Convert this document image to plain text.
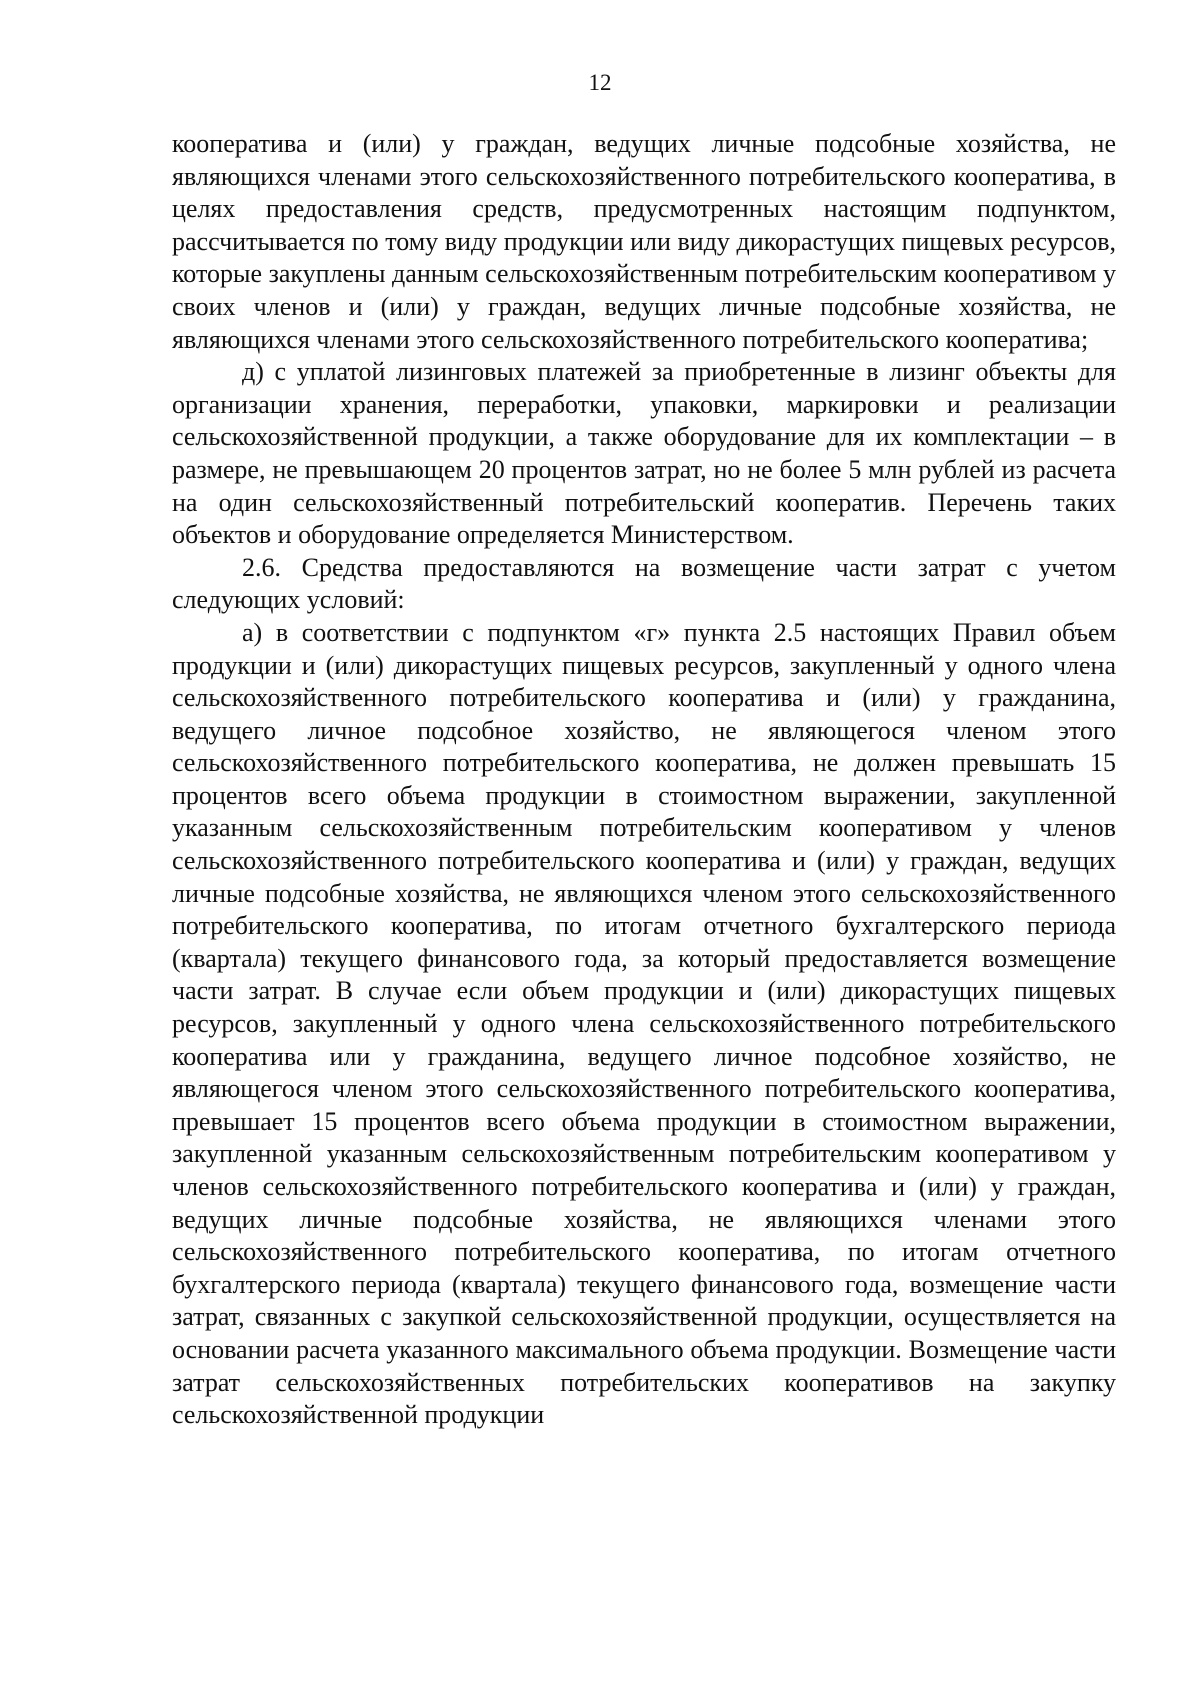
12

кооператива и (или) у граждан, ведущих личные подсобные хозяйства, не являющихся членами этого сельскохозяйственного потребительского кооператива, в целях предоставления средств, предусмотренных настоящим подпунктом, рассчитывается по тому виду продукции или виду дикорастущих пищевых ресурсов, которые закуплены данным сельскохозяйственным потребительским кооперативом у своих членов и (или) у граждан, ведущих личные подсобные хозяйства, не являющихся членами этого сельскохозяйственного потребительского кооператива;

д) с уплатой лизинговых платежей за приобретенные в лизинг объекты для организации хранения, переработки, упаковки, маркировки и реализации сельскохозяйственной продукции, а также оборудование для их комплектации – в размере, не превышающем 20 процентов затрат, но не более 5 млн рублей из расчета на один сельскохозяйственный потребительский кооператив. Перечень таких объектов и оборудование определяется Министерством.

2.6. Средства предоставляются на возмещение части затрат с учетом следующих условий:

а) в соответствии с подпунктом «г» пункта 2.5 настоящих Правил объем продукции и (или) дикорастущих пищевых ресурсов, закупленный у одного члена сельскохозяйственного потребительского кооператива и (или) у гражданина, ведущего личное подсобное хозяйство, не являющегося членом этого сельскохозяйственного потребительского кооператива, не должен превышать 15 процентов всего объема продукции в стоимостном выражении, закупленной указанным сельскохозяйственным потребительским кооперативом у членов сельскохозяйственного потребительского кооператива и (или) у граждан, ведущих личные подсобные хозяйства, не являющихся членом этого сельскохозяйственного потребительского кооператива, по итогам отчетного бухгалтерского периода (квартала) текущего финансового года, за который предоставляется возмещение части затрат. В случае если объем продукции и (или) дикорастущих пищевых ресурсов, закупленный у одного члена сельскохозяйственного потребительского кооператива или у гражданина, ведущего личное подсобное хозяйство, не являющегося членом этого сельскохозяйственного потребительского кооператива, превышает 15 процентов всего объема продукции в стоимостном выражении, закупленной указанным сельскохозяйственным потребительским кооперативом у членов сельскохозяйственного потребительского кооператива и (или) у граждан, ведущих личные подсобные хозяйства, не являющихся членами этого сельскохозяйственного потребительского кооператива, по итогам отчетного бухгалтерского периода (квартала) текущего финансового года, возмещение части затрат, связанных с закупкой сельскохозяйственной продукции, осуществляется на основании расчета указанного максимального объема продукции. Возмещение части затрат сельскохозяйственных потребительских кооперативов на закупку сельскохозяйственной продукции
